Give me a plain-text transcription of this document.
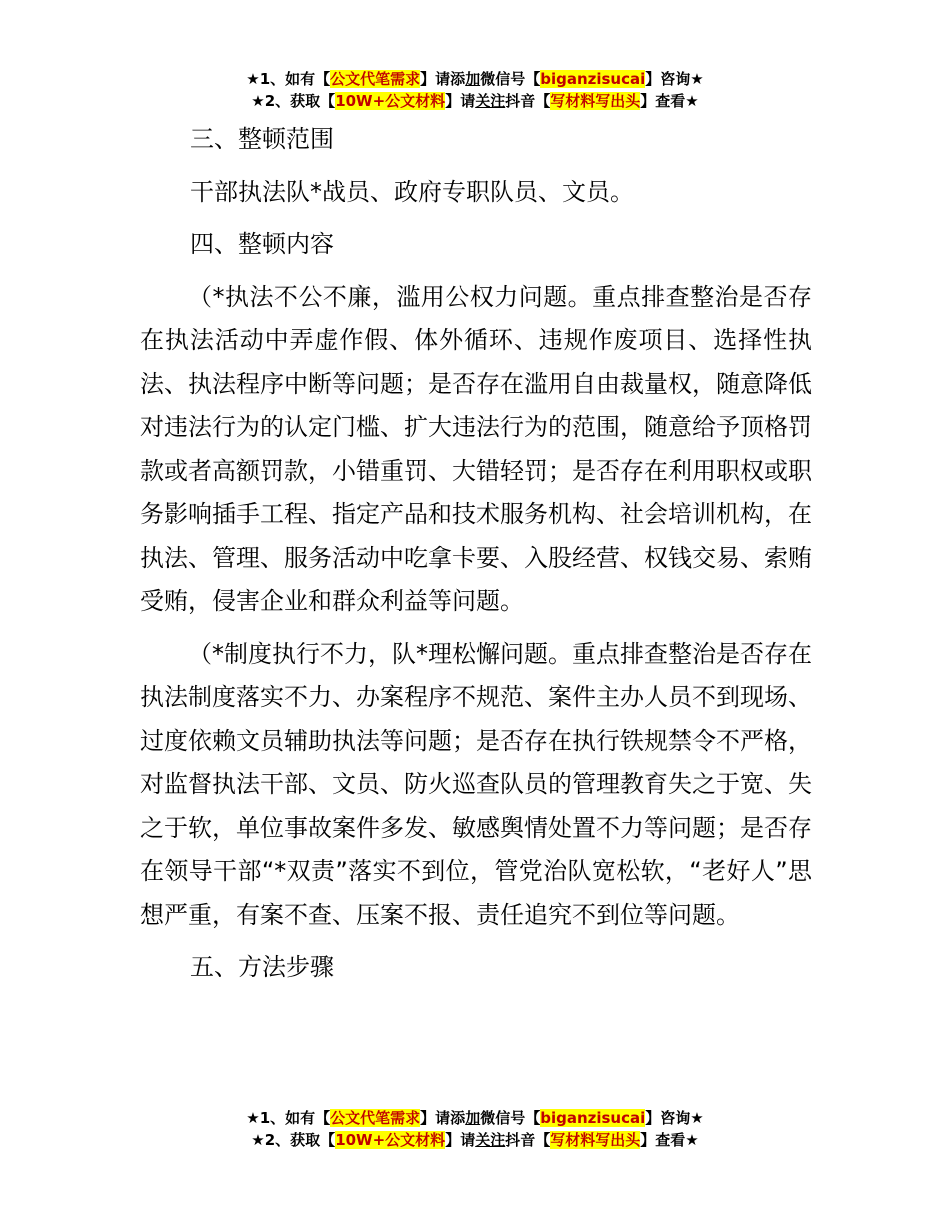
★1、如有【公文代笔需求】请添加微信号【biganzisucai】咨询★
★2、获取【10W+公文材料】请关注抖音【写材料写出头】查看★

三、整顿范围

干部执法队*战员、政府专职队员、文员。

四、整顿内容

（*执法不公不廉，滥用公权力问题。重点排查整治是否存在执法活动中弄虚作假、体外循环、违规作废项目、选择性执法、执法程序中断等问题；是否存在滥用自由裁量权，随意降低对违法行为的认定门槛、扩大违法行为的范围，随意给予顶格罚款或者高额罚款，小错重罚、大错轻罚；是否存在利用职权或职务影响插手工程、指定产品和技术服务机构、社会培训机构，在执法、管理、服务活动中吃拿卡要、入股经营、权钱交易、索贿受贿，侵害企业和群众利益等问题。

（*制度执行不力，队*理松懈问题。重点排查整治是否存在执法制度落实不力、办案程序不规范、案件主办人员不到现场、过度依赖文员辅助执法等问题；是否存在执行铁规禁令不严格，对监督执法干部、文员、防火巡查队员的管理教育失之于宽、失之于软，单位事故案件多发、敏感舆情处置不力等问题；是否存在领导干部“*双责”落实不到位，管党治队宽松软，“老好人”思想严重，有案不查、压案不报、责任追究不到位等问题。

五、方法步骤

★1、如有【公文代笔需求】请添加微信号【biganzisucai】咨询★
★2、获取【10W+公文材料】请关注抖音【写材料写出头】查看★
